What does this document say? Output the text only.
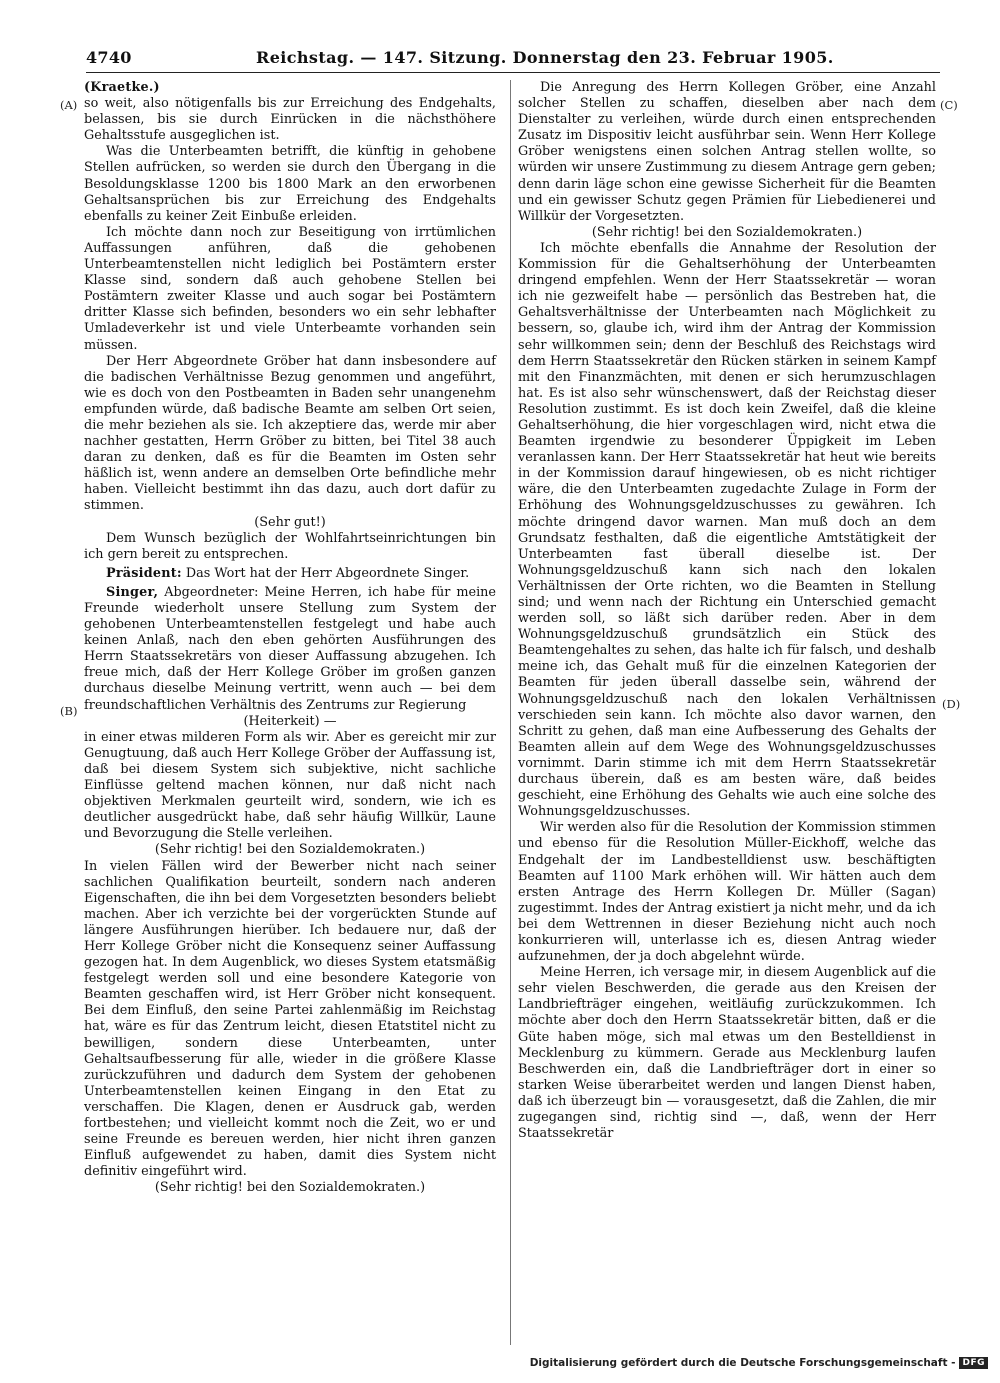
4740	Reichstag. — 147. Sitzung. Donnerstag den 23. Februar 1905.
(A)
(B)
(C)
(D)

(Kraetke.)

so weit, also nötigenfalls bis zur Erreichung des Endgehalts, belassen, bis sie durch Einrücken in die nächsthöhere Gehaltsstufe ausgeglichen ist.

Was die Unterbeamten betrifft, die künftig in gehobene Stellen aufrücken, so werden sie durch den Übergang in die Besoldungsklasse 1200 bis 1800 Mark an den erworbenen Gehaltsansprüchen bis zur Erreichung des Endgehalts ebenfalls zu keiner Zeit Einbuße erleiden.

Ich möchte dann noch zur Beseitigung von irrtümlichen Auffassungen anführen, daß die gehobenen Unterbeamtenstellen nicht lediglich bei Postämtern erster Klasse sind, sondern daß auch gehobene Stellen bei Postämtern zweiter Klasse und auch sogar bei Postämtern dritter Klasse sich befinden, besonders wo ein sehr lebhafter Umladeverkehr ist und viele Unterbeamte vorhanden sein müssen.

Der Herr Abgeordnete Gröber hat dann insbesondere auf die badischen Verhältnisse Bezug genommen und angeführt, wie es doch von den Postbeamten in Baden sehr unangenehm empfunden würde, daß badische Beamte am selben Ort seien, die mehr beziehen als sie. Ich akzeptiere das, werde mir aber nachher gestatten, Herrn Gröber zu bitten, bei Titel 38 auch daran zu denken, daß es für die Beamten im Osten sehr häßlich ist, wenn andere an demselben Orte befindliche mehr haben. Vielleicht bestimmt ihn das dazu, auch dort dafür zu stimmen.

(Sehr gut!)

Dem Wunsch bezüglich der Wohlfahrtseinrichtungen bin ich gern bereit zu entsprechen.

Präsident: Das Wort hat der Herr Abgeordnete Singer.

Singer, Abgeordneter: Meine Herren, ich habe für meine Freunde wiederholt unsere Stellung zum System der gehobenen Unterbeamtenstellen festgelegt und habe auch keinen Anlaß, nach den eben gehörten Ausführungen des Herrn Staatssekretärs von dieser Auffassung abzugehen. Ich freue mich, daß der Herr Kollege Gröber im großen ganzen durchaus dieselbe Meinung vertritt, wenn auch — bei dem freundschaftlichen Verhältnis des Zentrums zur Regierung

(Heiterkeit) —

in einer etwas milderen Form als wir. Aber es gereicht mir zur Genugtuung, daß auch Herr Kollege Gröber der Auffassung ist, daß bei diesem System sich subjektive, nicht sachliche Einflüsse geltend machen können, nur daß nicht nach objektiven Merkmalen geurteilt wird, sondern, wie ich es deutlicher ausgedrückt habe, daß sehr häufig Willkür, Laune und Bevorzugung die Stelle verleihen.

(Sehr richtig! bei den Sozialdemokraten.)

In vielen Fällen wird der Bewerber nicht nach seiner sachlichen Qualifikation beurteilt, sondern nach anderen Eigenschaften, die ihn bei dem Vorgesetzten besonders beliebt machen. Aber ich verzichte bei der vorgerückten Stunde auf längere Ausführungen hierüber. Ich bedauere nur, daß der Herr Kollege Gröber nicht die Konsequenz seiner Auffassung gezogen hat. In dem Augenblick, wo dieses System etatsmäßig festgelegt werden soll und eine besondere Kategorie von Beamten geschaffen wird, ist Herr Gröber nicht konsequent. Bei dem Einfluß, den seine Partei zahlenmäßig im Reichstag hat, wäre es für das Zentrum leicht, diesen Etatstitel nicht zu bewilligen, sondern diese Unterbeamten, unter Gehaltsaufbesserung für alle, wieder in die größere Klasse zurückzuführen und dadurch dem System der gehobenen Unterbeamtenstellen keinen Eingang in den Etat zu verschaffen. Die Klagen, denen er Ausdruck gab, werden fortbestehen; und vielleicht kommt noch die Zeit, wo er und seine Freunde es bereuen werden, hier nicht ihren ganzen Einfluß aufgewendet zu haben, damit dies System nicht definitiv eingeführt wird.

(Sehr richtig! bei den Sozialdemokraten.)

Die Anregung des Herrn Kollegen Gröber, eine Anzahl solcher Stellen zu schaffen, dieselben aber nach dem Dienstalter zu verleihen, würde durch einen entsprechenden Zusatz im Dispositiv leicht ausführbar sein. Wenn Herr Kollege Gröber wenigstens einen solchen Antrag stellen wollte, so würden wir unsere Zustimmung zu diesem Antrage gern geben; denn darin läge schon eine gewisse Sicherheit für die Beamten und ein gewisser Schutz gegen Prämien für Liebedienerei und Willkür der Vorgesetzten.

(Sehr richtig! bei den Sozialdemokraten.)

Ich möchte ebenfalls die Annahme der Resolution der Kommission für die Gehaltserhöhung der Unterbeamten dringend empfehlen. Wenn der Herr Staatssekretär — woran ich nie gezweifelt habe — persönlich das Bestreben hat, die Gehaltsverhältnisse der Unterbeamten nach Möglichkeit zu bessern, so, glaube ich, wird ihm der Antrag der Kommission sehr willkommen sein; denn der Beschluß des Reichstags wird dem Herrn Staatssekretär den Rücken stärken in seinem Kampf mit den Finanzmächten, mit denen er sich herumzuschlagen hat. Es ist also sehr wünschenswert, daß der Reichstag dieser Resolution zustimmt. Es ist doch kein Zweifel, daß die kleine Gehaltserhöhung, die hier vorgeschlagen wird, nicht etwa die Beamten irgendwie zu besonderer Üppigkeit im Leben veranlassen kann. Der Herr Staatssekretär hat heut wie bereits in der Kommission darauf hingewiesen, ob es nicht richtiger wäre, die den Unterbeamten zugedachte Zulage in Form der Erhöhung des Wohnungsgeldzuschusses zu gewähren. Ich möchte dringend davor warnen. Man muß doch an dem Grundsatz festhalten, daß die eigentliche Amtstätigkeit der Unterbeamten fast überall dieselbe ist. Der Wohnungsgeldzuschuß kann sich nach den lokalen Verhältnissen der Orte richten, wo die Beamten in Stellung sind; und wenn nach der Richtung ein Unterschied gemacht werden soll, so läßt sich darüber reden. Aber in dem Wohnungsgeldzuschuß grundsätzlich ein Stück des Beamtengehaltes zu sehen, das halte ich für falsch, und deshalb meine ich, das Gehalt muß für die einzelnen Kategorien der Beamten für jeden überall dasselbe sein, während der Wohnungsgeldzuschuß nach den lokalen Verhältnissen verschieden sein kann. Ich möchte also davor warnen, den Schritt zu gehen, daß man eine Aufbesserung des Gehalts der Beamten allein auf dem Wege des Wohnungsgeldzuschusses vornimmt. Darin stimme ich mit dem Herrn Staatssekretär durchaus überein, daß es am besten wäre, daß beides geschieht, eine Erhöhung des Gehalts wie auch eine solche des Wohnungsgeldzuschusses.

Wir werden also für die Resolution der Kommission stimmen und ebenso für die Resolution Müller-Eickhoff, welche das Endgehalt der im Landbestelldienst usw. beschäftigten Beamten auf 1100 Mark erhöhen will. Wir hätten auch dem ersten Antrage des Herrn Kollegen Dr. Müller (Sagan) zugestimmt. Indes der Antrag existiert ja nicht mehr, und da ich bei dem Wettrennen in dieser Beziehung nicht auch noch konkurrieren will, unterlasse ich es, diesen Antrag wieder aufzunehmen, der ja doch abgelehnt würde.

Meine Herren, ich versage mir, in diesem Augenblick auf die sehr vielen Beschwerden, die gerade aus den Kreisen der Landbriefträger eingehen, weitläufig zurückzukommen. Ich möchte aber doch den Herrn Staatssekretär bitten, daß er die Güte haben möge, sich mal etwas um den Bestelldienst in Mecklenburg zu kümmern. Gerade aus Mecklenburg laufen Beschwerden ein, daß die Landbriefträger dort in einer so starken Weise überarbeitet werden und langen Dienst haben, daß ich überzeugt bin — vorausgesetzt, daß die Zahlen, die mir zugegangen sind, richtig sind —, daß, wenn der Herr Staatssekretär

Digitalisierung gefördert durch die Deutsche Forschungsgemeinschaft - DFG
